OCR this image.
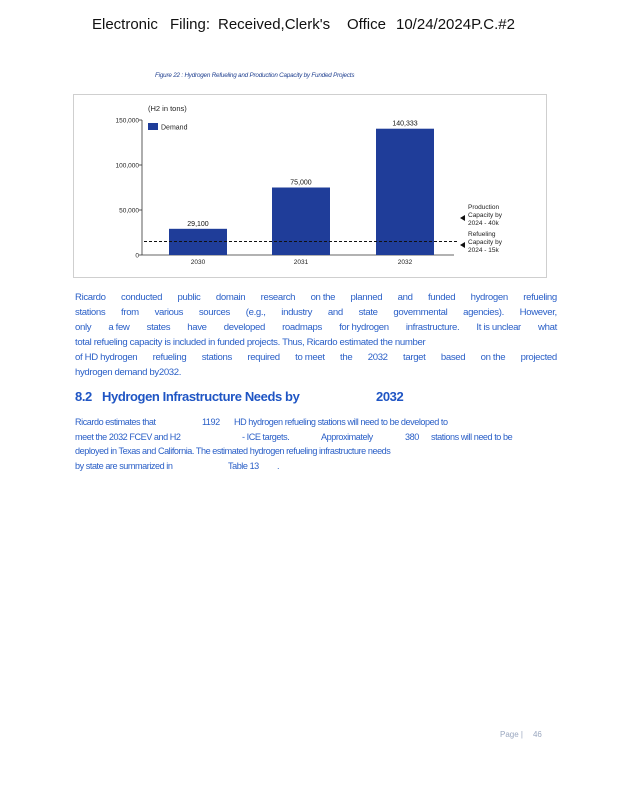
Electronic Filing: Received,Clerk's Office 10/24/2024P.C.#2
Figure 22 : Hydrogen Refueling and Production Capacity by Funded Projects
0
50,000
100,000
150,000
(H2 in tons)
Demand
29,100
2030
75,000
2031
140,333
2032
Production
Capacity by
2024 - 40k
Refueling
Capacity by
2024 - 15k
Ricardo conducted public domain research on the planned and funded hydrogen refueling
stations from various sources (e.g., industry and state governmental agencies). However,
only a few states have developed roadmaps for hydrogen infrastructure. It is unclear what
total refueling capacity is included in funded projects. Thus, Ricardo estimated the number
of HD hydrogen refueling stations required to meet the 2032 target based on the projected
hydrogen demand by2032.
8.2 Hydrogen Infrastructure Needs by	2032
Ricardo estimates that	1192 HD hydrogen refueling stations will need to be developed to
meet the 2032 FCEV and H2	- ICE targets.	Approximately	380 stations will need to be
deployed in Texas and California. The estimated hydrogen refueling infrastructure needs
by state are summarized in	Table 13 .
Page | 46
